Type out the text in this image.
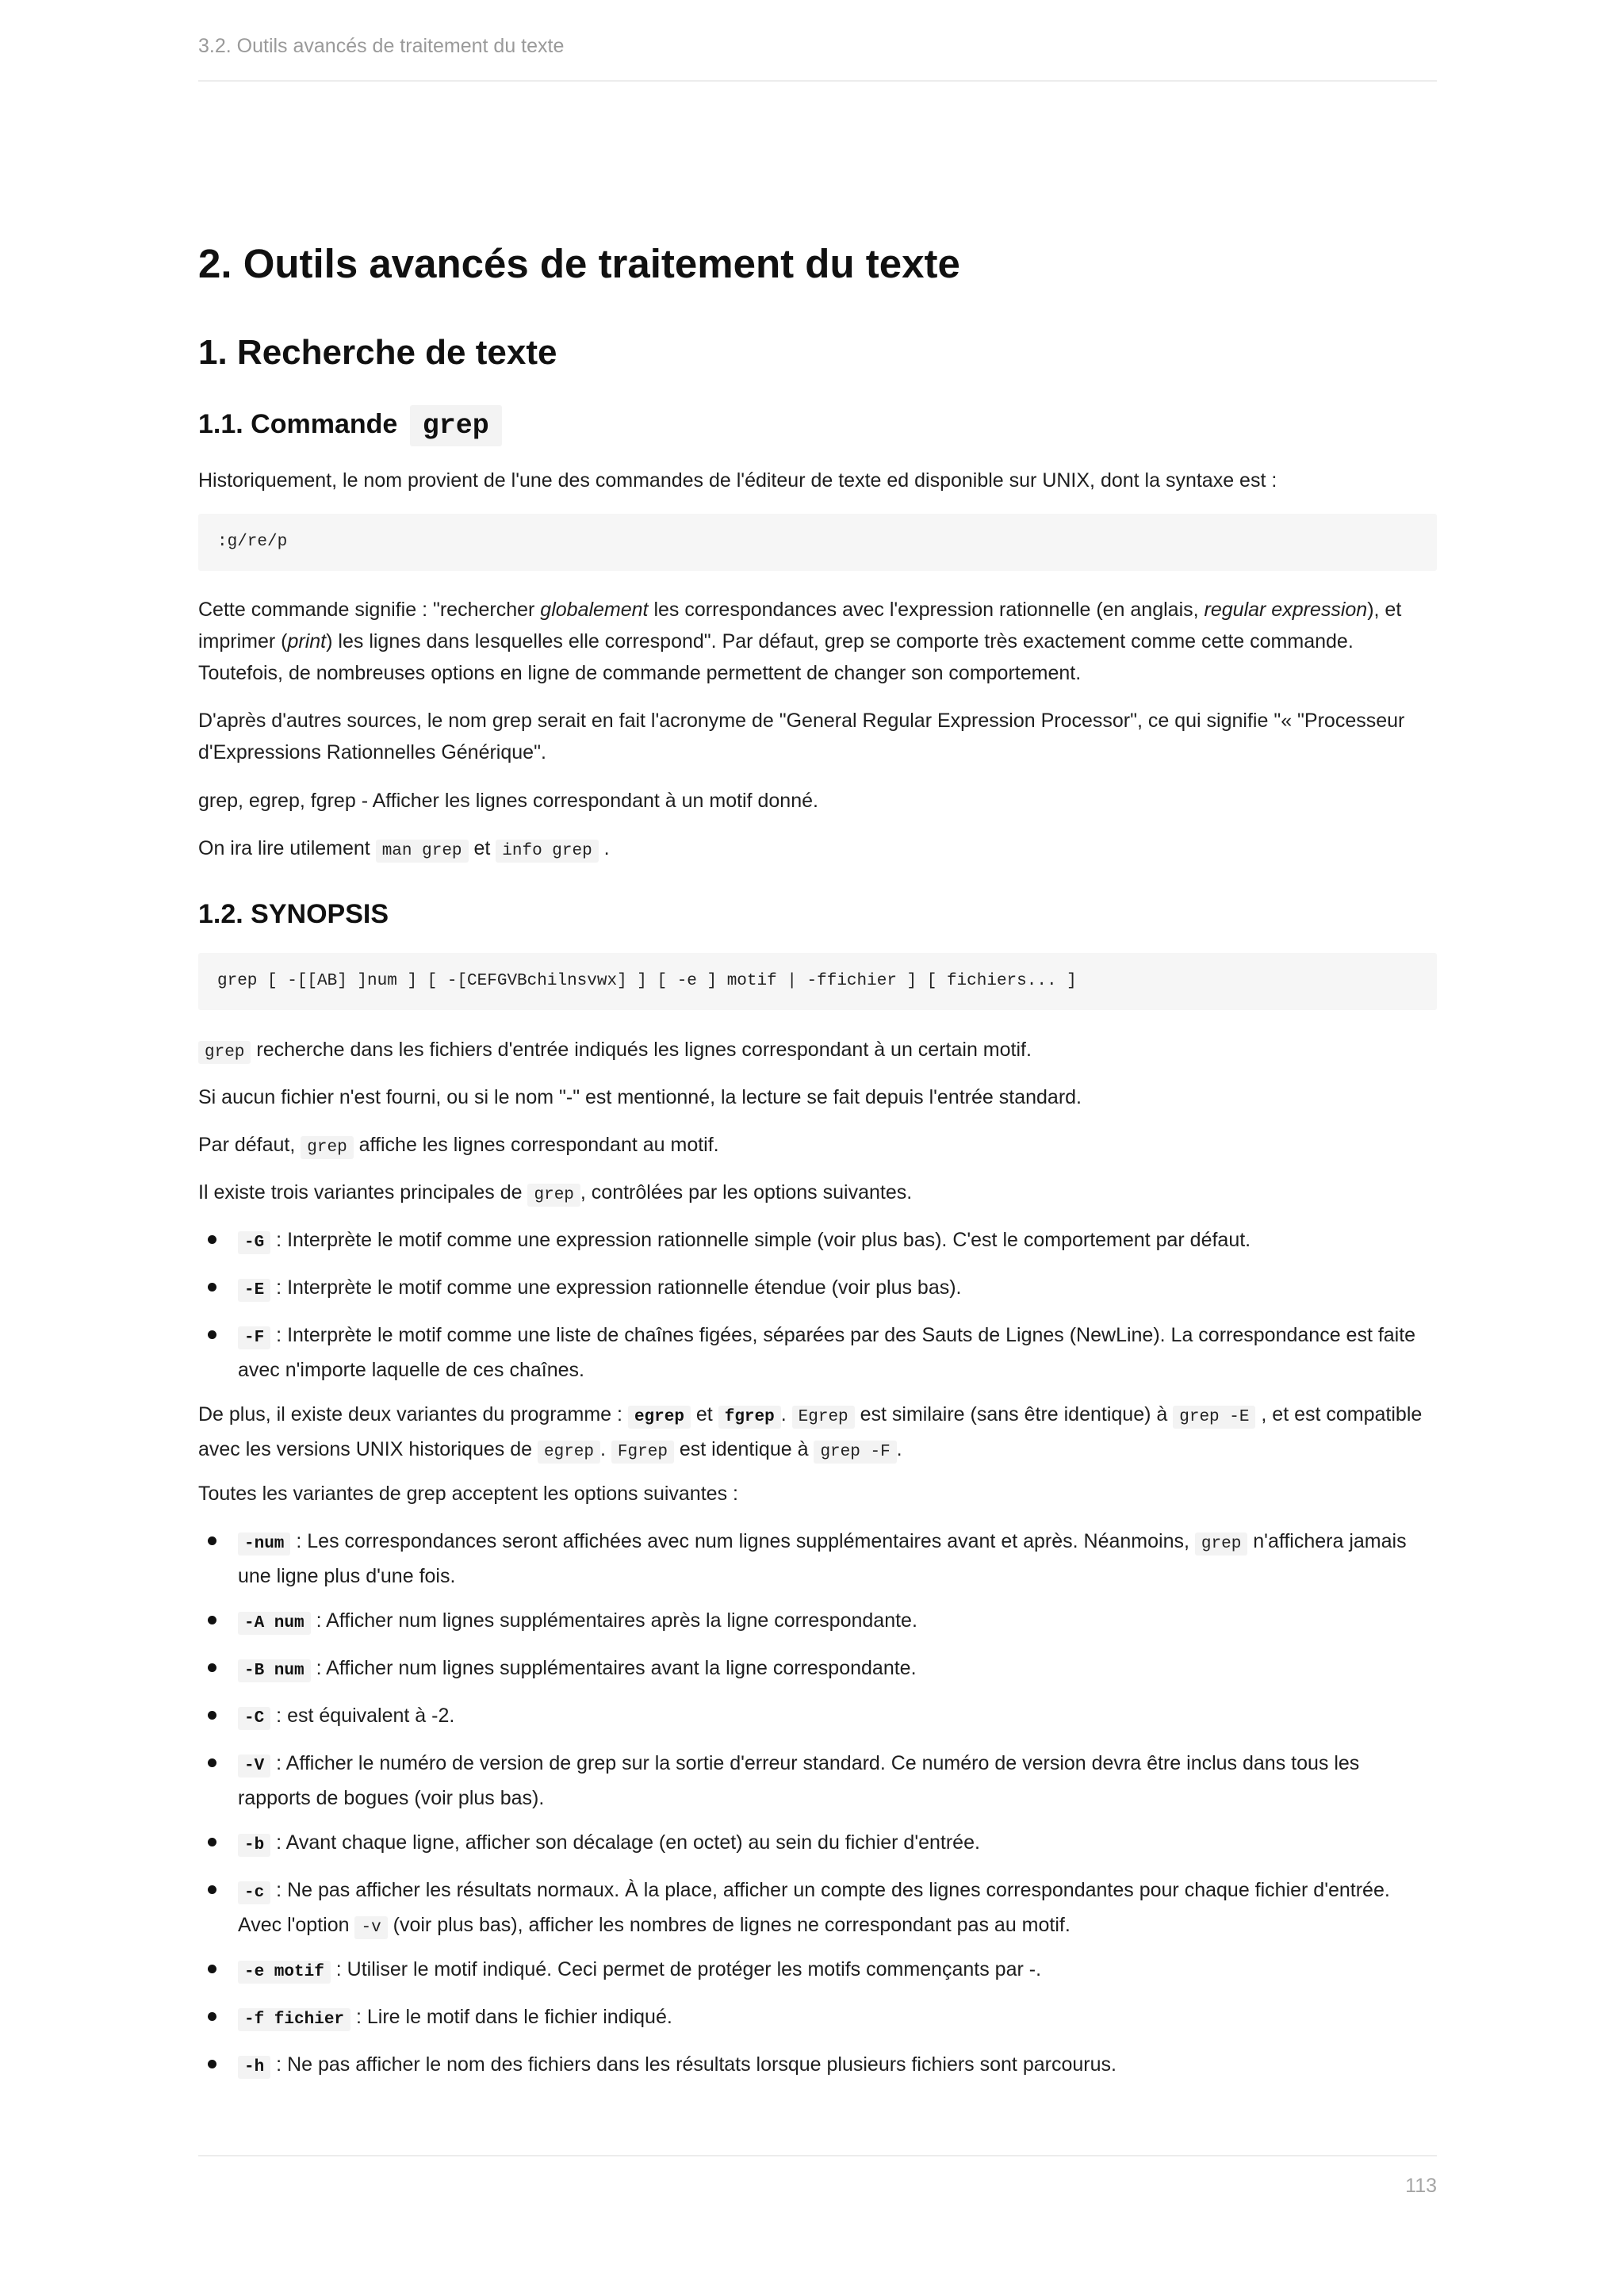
3.2. Outils avancés de traitement du texte
2. Outils avancés de traitement du texte
1. Recherche de texte
1.1. Commande grep

Historiquement, le nom provient de l'une des commandes de l'éditeur de texte ed disponible sur UNIX, dont la syntaxe est :

:g/re/p

Cette commande signifie : "rechercher globalement les correspondances avec l'expression rationnelle (en anglais, regular expression), et imprimer (print) les lignes dans lesquelles elle correspond". Par défaut, grep se comporte très exactement comme cette commande. Toutefois, de nombreuses options en ligne de commande permettent de changer son comportement.

D'après d'autres sources, le nom grep serait en fait l'acronyme de "General Regular Expression Processor", ce qui signifie "« "Processeur d'Expressions Rationnelles Générique".

grep, egrep, fgrep - Afficher les lignes correspondant à un motif donné.

On ira lire utilement man grep et info grep .

1.2. SYNOPSIS
grep [ -[[AB] ]num ] [ -[CEFGVBchilnsvwx] ] [ -e ] motif | -ffichier ] [ fichiers... ]

grep recherche dans les fichiers d'entrée indiqués les lignes correspondant à un certain motif.

Si aucun fichier n'est fourni, ou si le nom "-" est mentionné, la lecture se fait depuis l'entrée standard.

Par défaut, grep affiche les lignes correspondant au motif.

Il existe trois variantes principales de grep , contrôlées par les options suivantes.

-G : Interprète le motif comme une expression rationnelle simple (voir plus bas). C'est le comportement par défaut.

-E : Interprète le motif comme une expression rationnelle étendue (voir plus bas).

-F : Interprète le motif comme une liste de chaînes figées, séparées par des Sauts de Lignes (NewLine). La correspondance est faite avec n'importe laquelle de ces chaînes.

De plus, il existe deux variantes du programme : egrep et fgrep . Egrep est similaire (sans être identique) à grep -E , et est compatible avec les versions UNIX historiques de egrep . Fgrep est identique à grep -F .

Toutes les variantes de grep acceptent les options suivantes :

-num : Les correspondances seront affichées avec num lignes supplémentaires avant et après. Néanmoins, grep n'affichera jamais une ligne plus d'une fois.

-A num : Afficher num lignes supplémentaires après la ligne correspondante.

-B num : Afficher num lignes supplémentaires avant la ligne correspondante.

-C : est équivalent à -2.

-V : Afficher le numéro de version de grep sur la sortie d'erreur standard. Ce numéro de version devra être inclus dans tous les rapports de bogues (voir plus bas).

-b : Avant chaque ligne, afficher son décalage (en octet) au sein du fichier d'entrée.

-c : Ne pas afficher les résultats normaux. À la place, afficher un compte des lignes correspondantes pour chaque fichier d'entrée. Avec l'option -v (voir plus bas), afficher les nombres de lignes ne correspondant pas au motif.

-e motif : Utiliser le motif indiqué. Ceci permet de protéger les motifs commençants par -.

-f fichier : Lire le motif dans le fichier indiqué.

-h : Ne pas afficher le nom des fichiers dans les résultats lorsque plusieurs fichiers sont parcourus.

113
